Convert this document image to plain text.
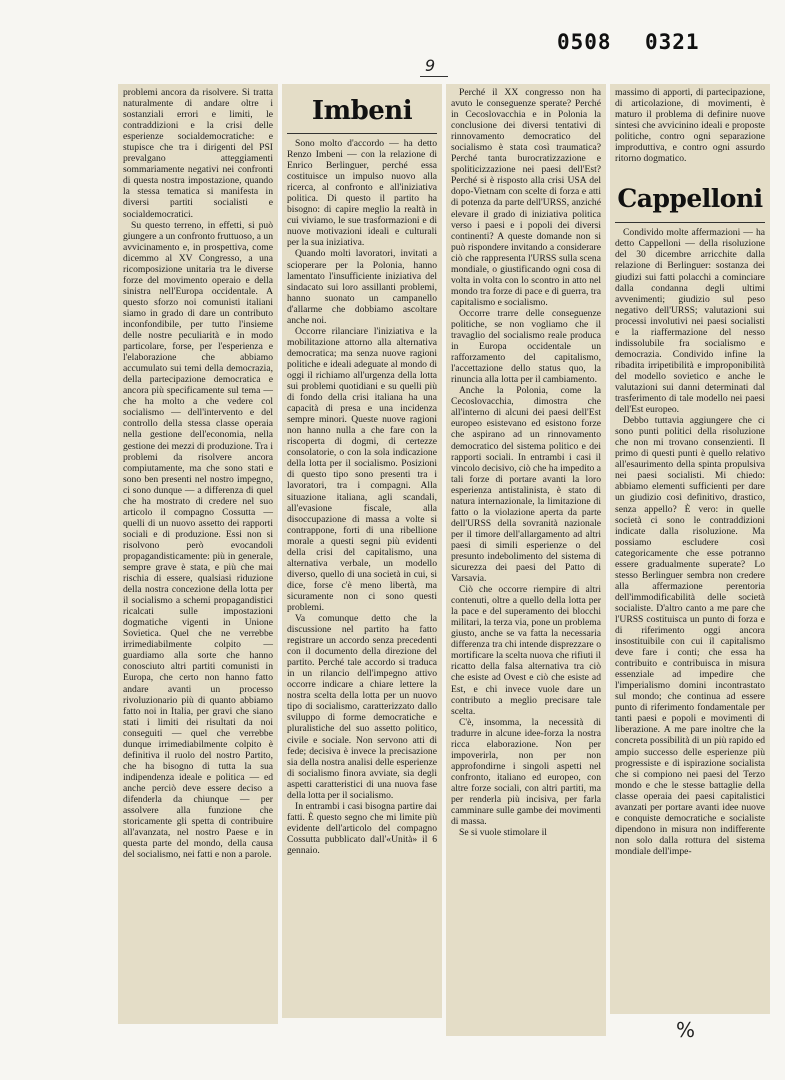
0508 0321
9

problemi ancora da risolvere. Si tratta naturalmente di andare oltre i sostanziali errori e limiti, le contraddizioni e la crisi delle esperienze socialdemocratiche: e stupisce che tra i dirigenti del PSI prevalgano atteggiamenti sommariamente negativi nei confronti di questa nostra impostazione, quando la stessa tematica si manifesta in diversi partiti socialisti e socialdemocratici.

Su questo terreno, in effetti, si può giungere a un confronto fruttuoso, a un avvicinamento e, in prospettiva, come dicemmo al XV Congresso, a una ricomposizione unitaria tra le diverse forze del movimento operaio e della sinistra nell'Europa occidentale. A questo sforzo noi comunisti italiani siamo in grado di dare un contributo inconfondibile, per tutto l'insieme delle nostre peculiarità e in modo particolare, forse, per l'esperienza e l'elaborazione che abbiamo accumulato sui temi della democrazia, della partecipazione democratica e ancora più specificamente sul tema — che ha molto a che vedere col socialismo — dell'intervento e del controllo della stessa classe operaia nella gestione dell'economia, nella gestione dei mezzi di produzione. Tra i problemi da risolvere ancora compiutamente, ma che sono stati e sono ben presenti nel nostro impegno, ci sono dunque — a differenza di quel che ha mostrato di credere nel suo articolo il compagno Cossutta — quelli di un nuovo assetto dei rapporti sociali e di produzione. Essi non si risolvono però evocandoli propagandisticamente: più in generale, sempre grave è stata, e più che mai rischia di essere, qualsiasi riduzione della nostra concezione della lotta per il socialismo a schemi propagandistici ricalcati sulle impostazioni dogmatiche vigenti in Unione Sovietica. Quel che ne verrebbe irrimediabilmente colpito — guardiamo alla sorte che hanno conosciuto altri partiti comunisti in Europa, che certo non hanno fatto andare avanti un processo rivoluzionario più di quanto abbiamo fatto noi in Italia, per gravi che siano stati i limiti dei risultati da noi conseguiti — quel che verrebbe dunque irrimediabilmente colpito è definitiva il ruolo del nostro Partito, che ha bisogno di tutta la sua indipendenza ideale e politica — ed anche perciò deve essere deciso a difenderla da chiunque — per assolvere alla funzione che storicamente gli spetta di contribuire all'avanzata, nel nostro Paese e in questa parte del mondo, della causa del socialismo, nei fatti e non a parole.

Imbeni

Sono molto d'accordo — ha detto Renzo Imbeni — con la relazione di Enrico Berlinguer, perché essa costituisce un impulso nuovo alla ricerca, al confronto e all'iniziativa politica. Di questo il partito ha bisogno: di capire meglio la realtà in cui viviamo, le sue trasformazioni e di nuove motivazioni ideali e culturali per la sua iniziativa.

Quando molti lavoratori, invitati a scioperare per la Polonia, hanno lamentato l'insufficiente iniziativa del sindacato sui loro assillanti problemi, hanno suonato un campanello d'allarme che dobbiamo ascoltare anche noi.

Occorre rilanciare l'iniziativa e la mobilitazione attorno alla alternativa democratica; ma senza nuove ragioni politiche e ideali adeguate al mondo di oggi il richiamo all'urgenza della lotta sui problemi quotidiani e su quelli più di fondo della crisi italiana ha una capacità di presa e una incidenza sempre minori. Queste nuove ragioni non hanno nulla a che fare con la riscoperta di dogmi, di certezze consolatorie, o con la sola indicazione della lotta per il socialismo. Posizioni di questo tipo sono presenti tra i lavoratori, tra i compagni. Alla situazione italiana, agli scandali, all'evasione fiscale, alla disoccupazione di massa a volte si contrappone, forti di una ribellione morale a questi segni più evidenti della crisi del capitalismo, una alternativa verbale, un modello diverso, quello di una società in cui, si dice, forse c'è meno libertà, ma sicuramente non ci sono questi problemi.

Va comunque detto che la discussione nel partito ha fatto registrare un accordo senza precedenti con il documento della direzione del partito. Perché tale accordo si traduca in un rilancio dell'impegno attivo occorre indicare a chiare lettere la nostra scelta della lotta per un nuovo tipo di socialismo, caratterizzato dallo sviluppo di forme democratiche e pluralistiche del suo assetto politico, civile e sociale. Non servono atti di fede; decisiva è invece la precisazione sia della nostra analisi delle esperienze di socialismo finora avviate, sia degli aspetti caratteristici di una nuova fase della lotta per il socialismo.

In entrambi i casi bisogna partire dai fatti. È questo segno che mi limite più evidente dell'articolo del compagno Cossutta pubblicato dall'«Unità» il 6 gennaio.

Perché il XX congresso non ha avuto le conseguenze sperate? Perché in Cecoslovacchia e in Polonia la conclusione dei diversi tentativi di rinnovamento democratico del socialismo è stata così traumatica? Perché tanta burocratizzazione e spoliticizzazione nei paesi dell'Est? Perché si è risposto alla crisi USA del dopo-Vietnam con scelte di forza e atti di potenza da parte dell'URSS, anziché elevare il grado di iniziativa politica verso i paesi e i popoli dei diversi continenti? A queste domande non si può rispondere invitando a considerare ciò che rappresenta l'URSS sulla scena mondiale, o giustificando ogni cosa di volta in volta con lo scontro in atto nel mondo tra forze di pace e di guerra, tra capitalismo e socialismo.

Occorre trarre delle conseguenze politiche, se non vogliamo che il travaglio del socialismo reale produca in Europa occidentale un rafforzamento del capitalismo, l'accettazione dello status quo, la rinuncia alla lotta per il cambiamento.

Anche la Polonia, come la Cecoslovacchia, dimostra che all'interno di alcuni dei paesi dell'Est europeo esistevano ed esistono forze che aspirano ad un rinnovamento democratico del sistema politico e dei rapporti sociali. In entrambi i casi il vincolo decisivo, ciò che ha impedito a tali forze di portare avanti la loro esperienza antistalinista, è stato di natura internazionale, la limitazione di fatto o la violazione aperta da parte dell'URSS della sovranità nazionale per il timore dell'allargamento ad altri paesi di simili esperienze o del presunto indebolimento del sistema di sicurezza dei paesi del Patto di Varsavia.

Ciò che occorre riempire di altri contenuti, oltre a quello della lotta per la pace e del superamento dei blocchi militari, la terza via, pone un problema giusto, anche se va fatta la necessaria differenza tra chi intende disprezzare o mortificare la scelta nuova che rifiuti il ricatto della falsa alternativa tra ciò che esiste ad Ovest e ciò che esiste ad Est, e chi invece vuole dare un contributo a meglio precisare tale scelta.

C'è, insomma, la necessità di tradurre in alcune idee-forza la nostra ricca elaborazione. Non per impoverirla, non per non approfondirne i singoli aspetti nel confronto, italiano ed europeo, con altre forze sociali, con altri partiti, ma per renderla più incisiva, per farla camminare sulle gambe dei movimenti di massa.

Se si vuole stimolare il

massimo di apporti, di partecipazione, di articolazione, di movimenti, è maturo il problema di definire nuove sintesi che avvicinino ideali e proposte politiche, contro ogni separazione improduttiva, e contro ogni assurdo ritorno dogmatico.

Cappelloni

Condivido molte affermazioni — ha detto Cappelloni — della risoluzione del 30 dicembre arricchite dalla relazione di Berlinguer: sostanza dei giudizi sui fatti polacchi a cominciare dalla condanna degli ultimi avvenimenti; giudizio sul peso negativo dell'URSS; valutazioni sui processi involutivi nei paesi socialisti e la riaffermazione del nesso indissolubile fra socialismo e democrazia. Condivido infine la ribadita irripetibilità e improponibilità del modello sovietico e anche le valutazioni sui danni determinati dal trasferimento di tale modello nei paesi dell'Est europeo.

Debbo tuttavia aggiungere che ci sono punti politici della risoluzione che non mi trovano consenzienti. Il primo di questi punti è quello relativo all'esaurimento della spinta propulsiva nei paesi socialisti. Mi chiedo: abbiamo elementi sufficienti per dare un giudizio così definitivo, drastico, senza appello? È vero: in quelle società ci sono le contraddizioni indicate dalla risoluzione. Ma possiamo escludere così categoricamente che esse potranno essere gradualmente superate? Lo stesso Berlinguer sembra non credere alla affermazione perentoria dell'immodificabilità delle società socialiste. D'altro canto a me pare che l'URSS costituisca un punto di forza e di riferimento oggi ancora insostituibile con cui il capitalismo deve fare i conti; che essa ha contribuito e contribuisca in misura essenziale ad impedire che l'imperialismo domini incontrastato sul mondo; che continua ad essere punto di riferimento fondamentale per tanti paesi e popoli e movimenti di liberazione. A me pare inoltre che la concreta possibilità di un più rapido ed ampio successo delle esperienze più progressiste e di ispirazione socialista che si compiono nei paesi del Terzo mondo e che le stesse battaglie della classe operaia dei paesi capitalistici avanzati per portare avanti idee nuove e conquiste democratiche e socialiste dipendono in misura non indifferente non solo dalla rottura del sistema mondiale dell'impe-

%
